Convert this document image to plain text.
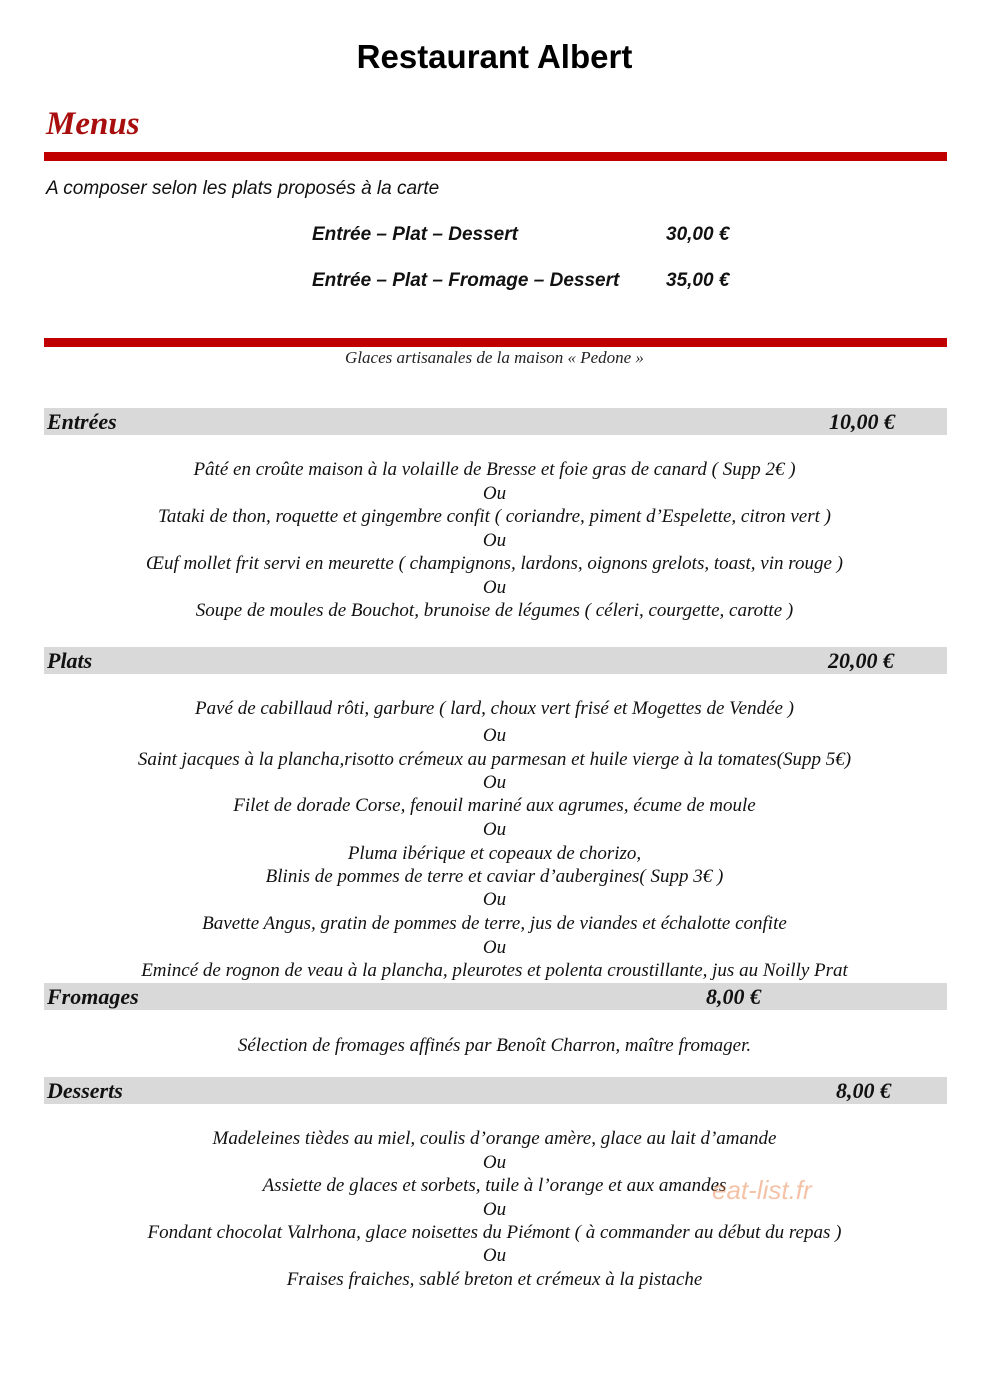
Restaurant Albert
Menus
A composer selon les plats proposés à la carte
Entrée – Plat – Dessert	30,00 €
Entrée – Plat – Fromage – Dessert 35,00 €
Glaces artisanales de la maison « Pedone »
Entrées	10,00 €
Pâté en croûte maison à la volaille de Bresse et foie gras de canard ( Supp 2€ )
Ou
Tataki de thon, roquette et gingembre confit ( coriandre, piment d’Espelette, citron vert )
Ou
Œuf mollet frit servi en meurette ( champignons, lardons, oignons grelots, toast, vin rouge )
Ou
Soupe de moules de Bouchot, brunoise de légumes ( céleri, courgette, carotte )
Plats	20,00 €
Pavé de cabillaud rôti, garbure ( lard, choux vert frisé et Mogettes de Vendée )
Ou
Saint jacques à la plancha,risotto crémeux au parmesan et huile vierge à la tomates(Supp 5€)
Ou
Filet de dorade Corse, fenouil mariné aux agrumes, écume de moule
Ou
Pluma ibérique et copeaux de chorizo,
Blinis de pommes de terre et caviar d’aubergines( Supp 3€ )
Ou
Bavette Angus, gratin de pommes de terre, jus de viandes et échalotte confite
Ou
Emincé de rognon de veau à la plancha, pleurotes et polenta croustillante, jus au Noilly Prat
Fromages	8,00 €
Sélection de fromages affinés par Benoît Charron, maître fromager.
Desserts	8,00 €
Madeleines tièdes au miel, coulis d’orange amère, glace au lait d’amande
Ou
Assiette de glaces et sorbets, tuile à l’orange et aux amandes
Ou
Fondant chocolat Valrhona, glace noisettes du Piémont ( à commander au début du repas )
Ou
Fraises fraiches, sablé breton et crémeux à la pistache
eat-list.fr
